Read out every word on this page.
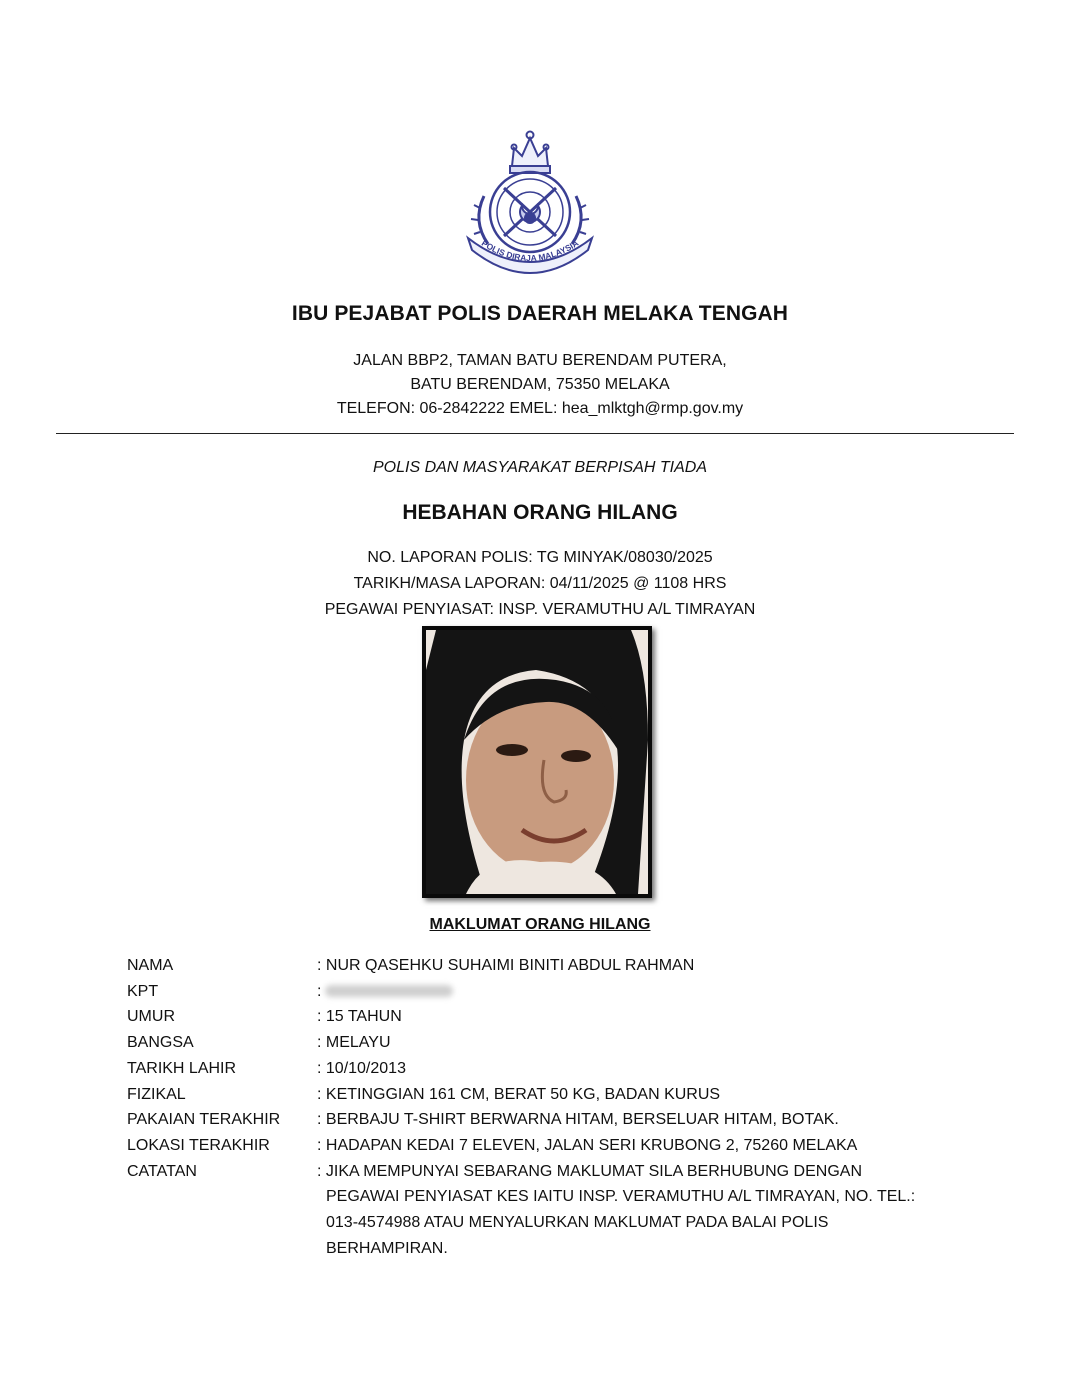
POLIS DIRAJA MALAYSIA
IBU PEJABAT POLIS DAERAH MELAKA TENGAH
JALAN BBP2, TAMAN BATU BERENDAM PUTERA,
BATU BERENDAM, 75350 MELAKA
TELEFON: 06-2842222 EMEL: hea_mlktgh@rmp.gov.my
POLIS DAN MASYARAKAT BERPISAH TIADA
HEBAHAN ORANG HILANG
NO. LAPORAN POLIS: TG MINYAK/08030/2025
TARIKH/MASA LAPORAN: 04/11/2025 @ 1108 HRS
PEGAWAI PENYIASAT: INSP. VERAMUTHU A/L TIMRAYAN
MAKLUMAT ORANG HILANG
NAMA	: NUR QASEHKU SUHAIMI BINITI ABDUL RAHMAN
KPT	:
UMUR	: 15 TAHUN
BANGSA	: MELAYU
TARIKH LAHIR	: 10/10/2013
FIZIKAL	: KETINGGIAN 161 CM, BERAT 50 KG, BADAN KURUS
PAKAIAN TERAKHIR	: BERBAJU T-SHIRT BERWARNA HITAM, BERSELUAR HITAM, BOTAK.
LOKASI TERAKHIR	: HADAPAN KEDAI 7 ELEVEN, JALAN SERI KRUBONG 2, 75260 MELAKA
CATATAN	: JIKA MEMPUNYAI SEBARANG MAKLUMAT SILA BERHUBUNG DENGAN
PEGAWAI PENYIASAT KES IAITU INSP. VERAMUTHU A/L TIMRAYAN, NO. TEL.:
013-4574988 ATAU MENYALURKAN MAKLUMAT PADA BALAI POLIS
BERHAMPIRAN.
